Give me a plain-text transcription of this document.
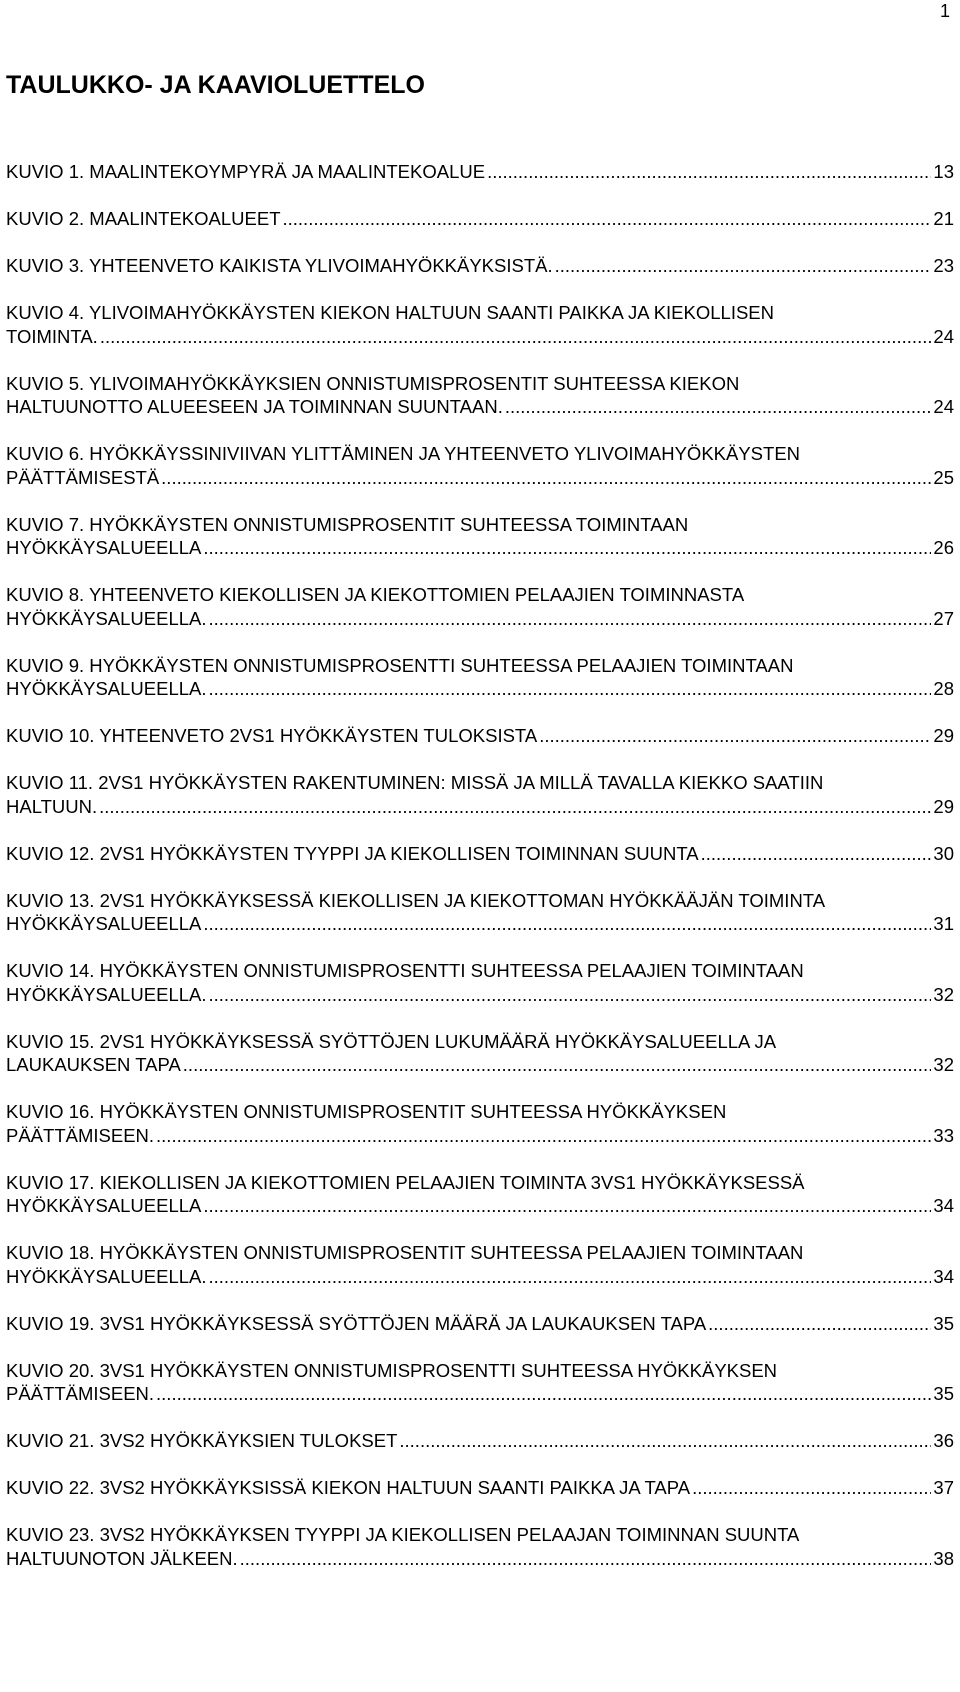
1
TAULUKKO- JA KAAVIOLUETTELO
KUVIO 1. MAALINTEKOYMPYRÄ JA MAALINTEKOALUE .....	13
KUVIO 2. MAALINTEKOALUEET .....	21
KUVIO 3. YHTEENVETO KAIKISTA YLIVOIMAHYÖKKÄYKSISTÄ. .....	23
KUVIO 4. YLIVOIMAHYÖKKÄYSTEN KIEKON HALTUUN SAANTI PAIKKA JA KIEKOLLISEN
TOIMINTA. .....	24
KUVIO 5. YLIVOIMAHYÖKKÄYKSIEN ONNISTUMISPROSENTIT SUHTEESSA KIEKON
HALTUUNOTTO ALUEESEEN JA TOIMINNAN SUUNTAAN. .....	24
KUVIO 6. HYÖKKÄYSSINIVIIVAN YLITTÄMINEN JA YHTEENVETO YLIVOIMAHYÖKKÄYSTEN
PÄÄTTÄMISESTÄ .....	25
KUVIO 7. HYÖKKÄYSTEN ONNISTUMISPROSENTIT SUHTEESSA TOIMINTAAN
HYÖKKÄYSALUEELLA .....	26
KUVIO 8. YHTEENVETO KIEKOLLISEN JA KIEKOTTOMIEN PELAAJIEN TOIMINNASTA
HYÖKKÄYSALUEELLA. .....	27
KUVIO 9. HYÖKKÄYSTEN ONNISTUMISPROSENTTI SUHTEESSA PELAAJIEN TOIMINTAAN
HYÖKKÄYSALUEELLA. .....	28
KUVIO 10. YHTEENVETO 2VS1 HYÖKKÄYSTEN TULOKSISTA .....	29
KUVIO 11. 2VS1 HYÖKKÄYSTEN RAKENTUMINEN: MISSÄ JA MILLÄ TAVALLA KIEKKO SAATIIN
HALTUUN. .....	29
KUVIO 12. 2VS1 HYÖKKÄYSTEN TYYPPI JA KIEKOLLISEN TOIMINNAN SUUNTA .....	30
KUVIO 13. 2VS1 HYÖKKÄYKSESSÄ KIEKOLLISEN JA KIEKOTTOMAN HYÖKKÄÄJÄN TOIMINTA
HYÖKKÄYSALUEELLA .....	31
KUVIO 14. HYÖKKÄYSTEN ONNISTUMISPROSENTTI SUHTEESSA PELAAJIEN TOIMINTAAN
HYÖKKÄYSALUEELLA. .....	32
KUVIO 15. 2VS1 HYÖKKÄYKSESSÄ SYÖTTÖJEN LUKUMÄÄRÄ HYÖKKÄYSALUEELLA JA
LAUKAUKSEN TAPA .....	32
KUVIO 16. HYÖKKÄYSTEN ONNISTUMISPROSENTIT SUHTEESSA HYÖKKÄYKSEN
PÄÄTTÄMISEEN. .....	33
KUVIO 17. KIEKOLLISEN JA KIEKOTTOMIEN PELAAJIEN TOIMINTA 3VS1 HYÖKKÄYKSESSÄ
HYÖKKÄYSALUEELLA .....	34
KUVIO 18. HYÖKKÄYSTEN ONNISTUMISPROSENTIT SUHTEESSA PELAAJIEN TOIMINTAAN
HYÖKKÄYSALUEELLA. .....	34
KUVIO 19. 3VS1 HYÖKKÄYKSESSÄ SYÖTTÖJEN MÄÄRÄ JA LAUKAUKSEN TAPA .....	35
KUVIO 20. 3VS1 HYÖKKÄYSTEN ONNISTUMISPROSENTTI SUHTEESSA HYÖKKÄYKSEN
PÄÄTTÄMISEEN. .....	35
KUVIO 21. 3VS2 HYÖKKÄYKSIEN TULOKSET .....	36
KUVIO 22. 3VS2 HYÖKKÄYKSISSÄ KIEKON HALTUUN SAANTI PAIKKA JA TAPA .....	37
KUVIO 23. 3VS2 HYÖKKÄYKSEN TYYPPI JA KIEKOLLISEN PELAAJAN TOIMINNAN SUUNTA
HALTUUNOTON JÄLKEEN. .....	38
